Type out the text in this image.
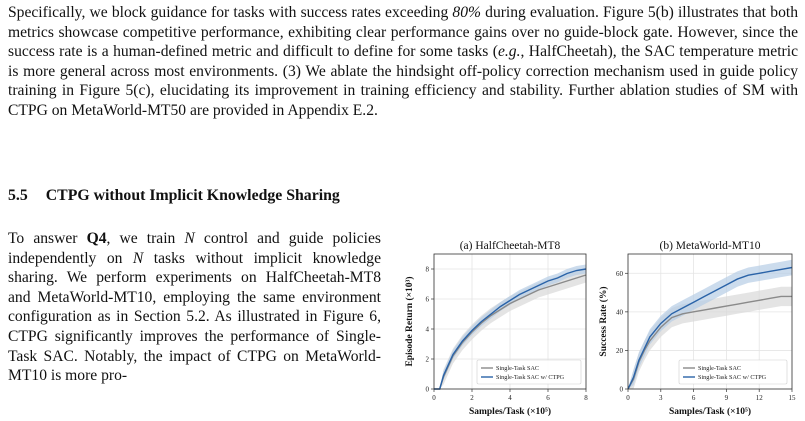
Specifically, we block guidance for tasks with success rates exceeding 80% during evaluation. Figure 5(b) illustrates that both metrics showcase competitive performance, exhibiting clear performance gains over no guide-block gate. However, since the success rate is a human-defined metric and difficult to define for some tasks (e.g., HalfCheetah), the SAC temperature metric is more general across most environments. (3) We ablate the hindsight off-policy correction mechanism used in guide policy training in Figure 5(c), elucidating its improvement in training efficiency and stability. Further ablation studies of SM with CTPG on MetaWorld-MT50 are provided in Appendix E.2.

5.5 CTPG without Implicit Knowledge Sharing

To answer Q4, we train N control and guide policies independently on N tasks without implicit knowledge sharing. We perform experiments on HalfCheetah-MT8 and MetaWorld-MT10, employing the same environment configuration as in Section 5.2. As illustrated in Figure 6, CTPG significantly improves the performance of Single-Task SAC. Notably, the impact of CTPG on MetaWorld-MT10 is more pro-

(a) HalfCheetah-MT8
0	2	4	6	8
0
2
4
6
8
Samples/Task (×10⁵)
Episode Return (×10³)
Single-Task SAC
Single-Task SAC w/ CTPG
(b) MetaWorld-MT10
0	3	6	9	12	15
0
20
40
60
Samples/Task (×10⁵)
Success Rate (%)
Single-Task SAC
Single-Task SAC w/ CTPG
